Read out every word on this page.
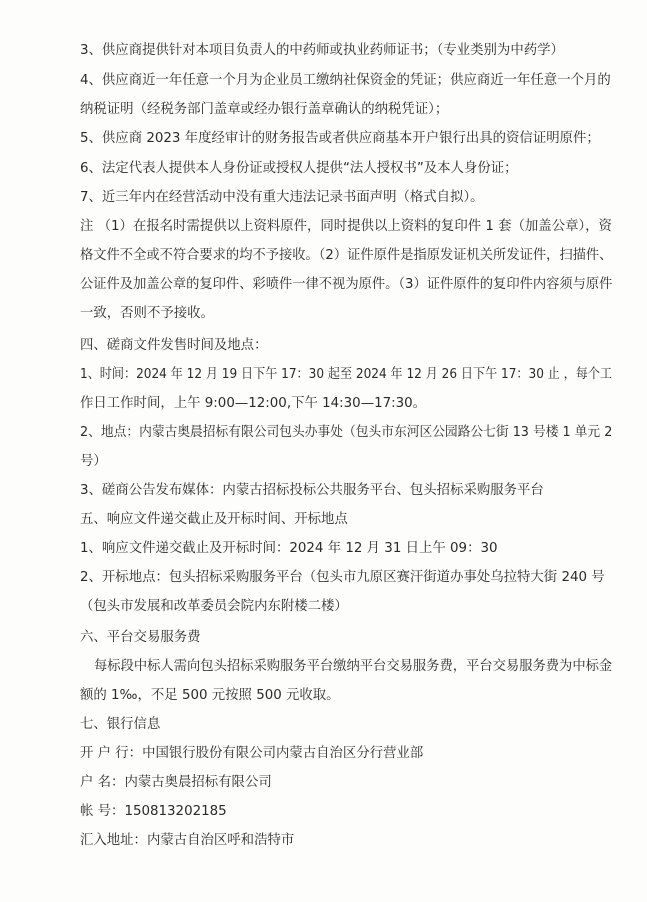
3、供应商提供针对本项目负责人的中药师或执业药师证书；（专业类别为中药学）
4、供应商近一年任意一个月为企业员工缴纳社保资金的凭证；供应商近一年任意一个月的
纳税证明（经税务部门盖章或经办银行盖章确认的纳税凭证）；
5、供应商 2023 年度经审计的财务报告或者供应商基本开户银行出具的资信证明原件；
6、法定代表人提供本人身份证或授权人提供“法人授权书”及本人身份证；
7、近三年内在经营活动中没有重大违法记录书面声明（格式自拟）。
注 （1）在报名时需提供以上资料原件，同时提供以上资料的复印件 1 套（加盖公章），资
格文件不全或不符合要求的均不予接收。（2）证件原件是指原发证机关所发证件，扫描件、
公证件及加盖公章的复印件、彩喷件一律不视为原件。（3）证件原件的复印件内容须与原件
一致，否则不予接收。
四、磋商文件发售时间及地点：
1、时间：2024 年 12 月 19 日下午 17：30 起至 2024 年 12 月 26 日下午 17：30 止 ，每个工
作日工作时间，上午 9:00—12:00,下午 14:30—17:30。
2、地点：内蒙古奥晨招标有限公司包头办事处（包头市东河区公园路公七街 13 号楼 1 单元 2
号）
3、磋商公告发布媒体：内蒙古招标投标公共服务平台、包头招标采购服务平台
五、响应文件递交截止及开标时间、开标地点
1、响应文件递交截止及开标时间：2024 年 12 月 31 日上午 09：30
2、开标地点：包头招标采购服务平台（包头市九原区赛汗街道办事处乌拉特大街 240 号
（包头市发展和改革委员会院内东附楼二楼）
六、平台交易服务费
每标段中标人需向包头招标采购服务平台缴纳平台交易服务费，平台交易服务费为中标金
额的 1‰，不足 500 元按照 500 元收取。
七、银行信息
开 户 行：中国银行股份有限公司内蒙古自治区分行营业部
户 名：内蒙古奥晨招标有限公司
帐 号：150813202185
汇入地址：内蒙古自治区呼和浩特市
